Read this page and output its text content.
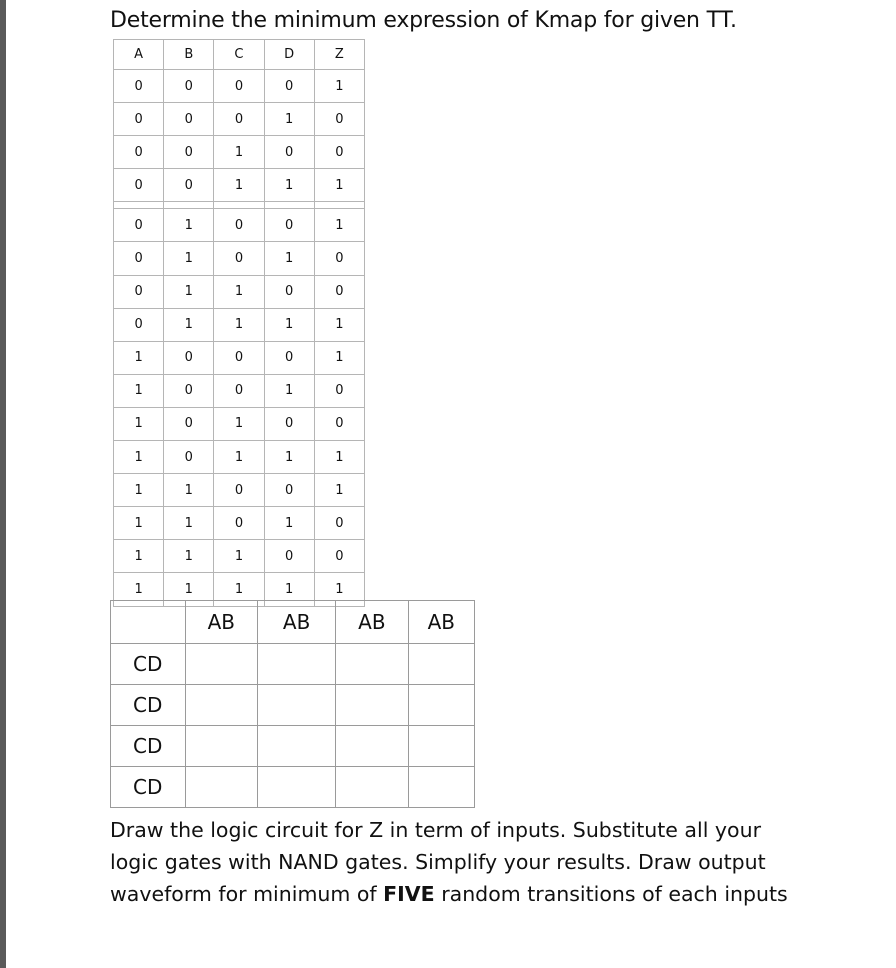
Determine the minimum expression of Kmap for given TT.
A	B	C	D	Z
0	0	0	0	1
0	0	0	1	0
0	0	1	0	0
0	0	1	1	1

0	1	0	0	1
0	1	0	1	0
0	1	1	0	0
0	1	1	1	1
1	0	0	0	1
1	0	0	1	0
1	0	1	0	0
1	0	1	1	1
1	1	0	0	1
1	1	0	1	0
1	1	1	0	0
1	1	1	1	1
	AB	AB	AB	AB
CD				
CD				
CD				
CD				
Draw the logic circuit for Z in term of inputs. Substitute all your logic gates with NAND gates. Simplify your results. Draw output waveform for minimum of FIVE random transitions of each inputs
